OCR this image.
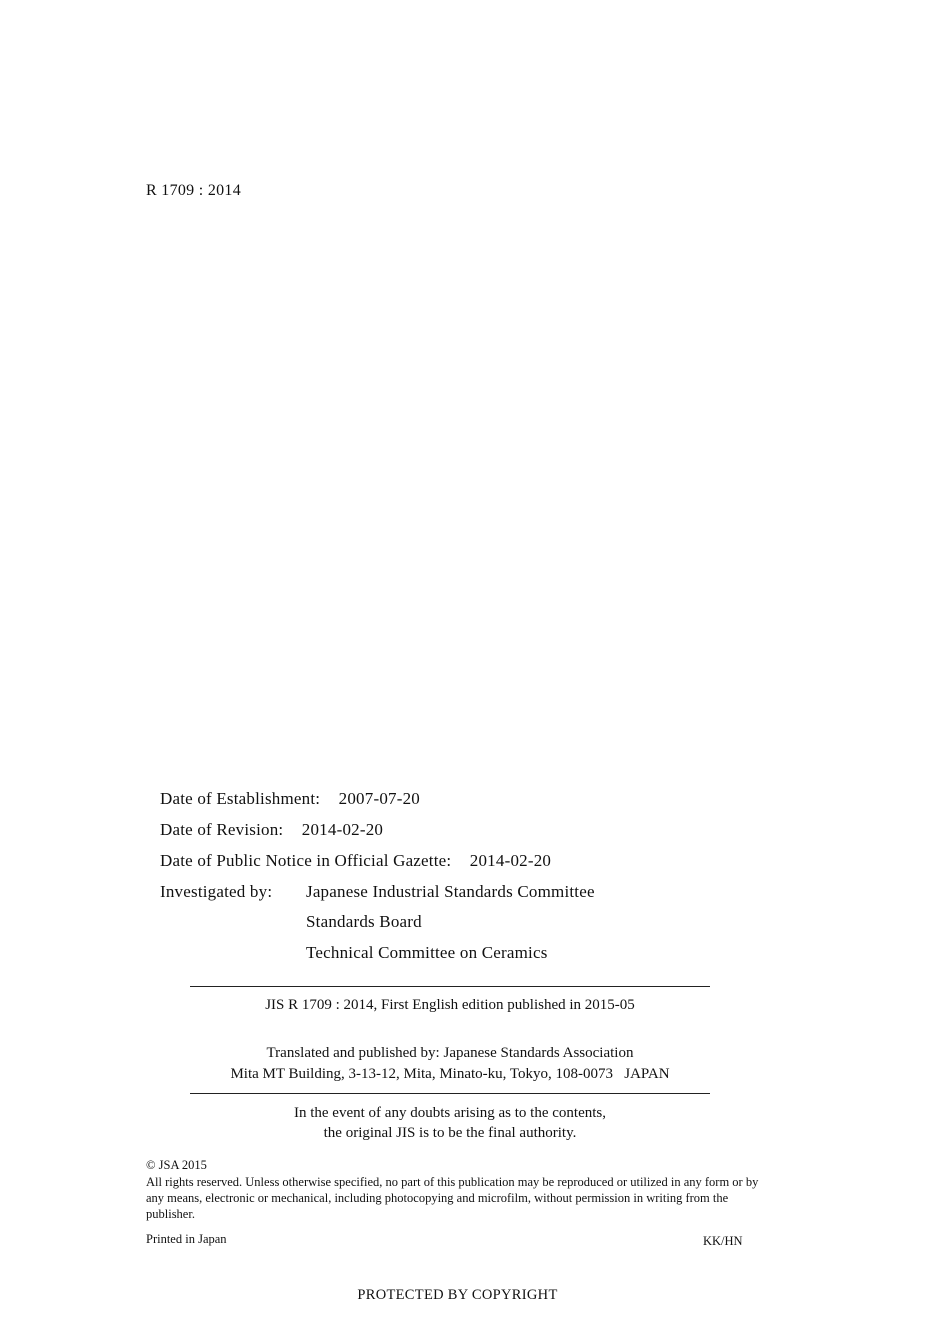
R 1709 : 2014
Date of Establishment: 2007-07-20
Date of Revision: 2014-02-20
Date of Public Notice in Official Gazette: 2014-02-20
Investigated by: Japanese Industrial Standards Committee
Standards Board
Technical Committee on Ceramics
JIS R 1709 : 2014, First English edition published in 2015-05
Translated and published by: Japanese Standards Association
Mita MT Building, 3-13-12, Mita, Minato-ku, Tokyo, 108-0073   JAPAN
In the event of any doubts arising as to the contents,
the original JIS is to be the final authority.
© JSA 2015
All rights reserved. Unless otherwise specified, no part of this publication may be reproduced or utilized in any form or by any means, electronic or mechanical, including photocopying and microfilm, without permission in writing from the publisher.
Printed in Japan	KK/HN
PROTECTED BY COPYRIGHT
